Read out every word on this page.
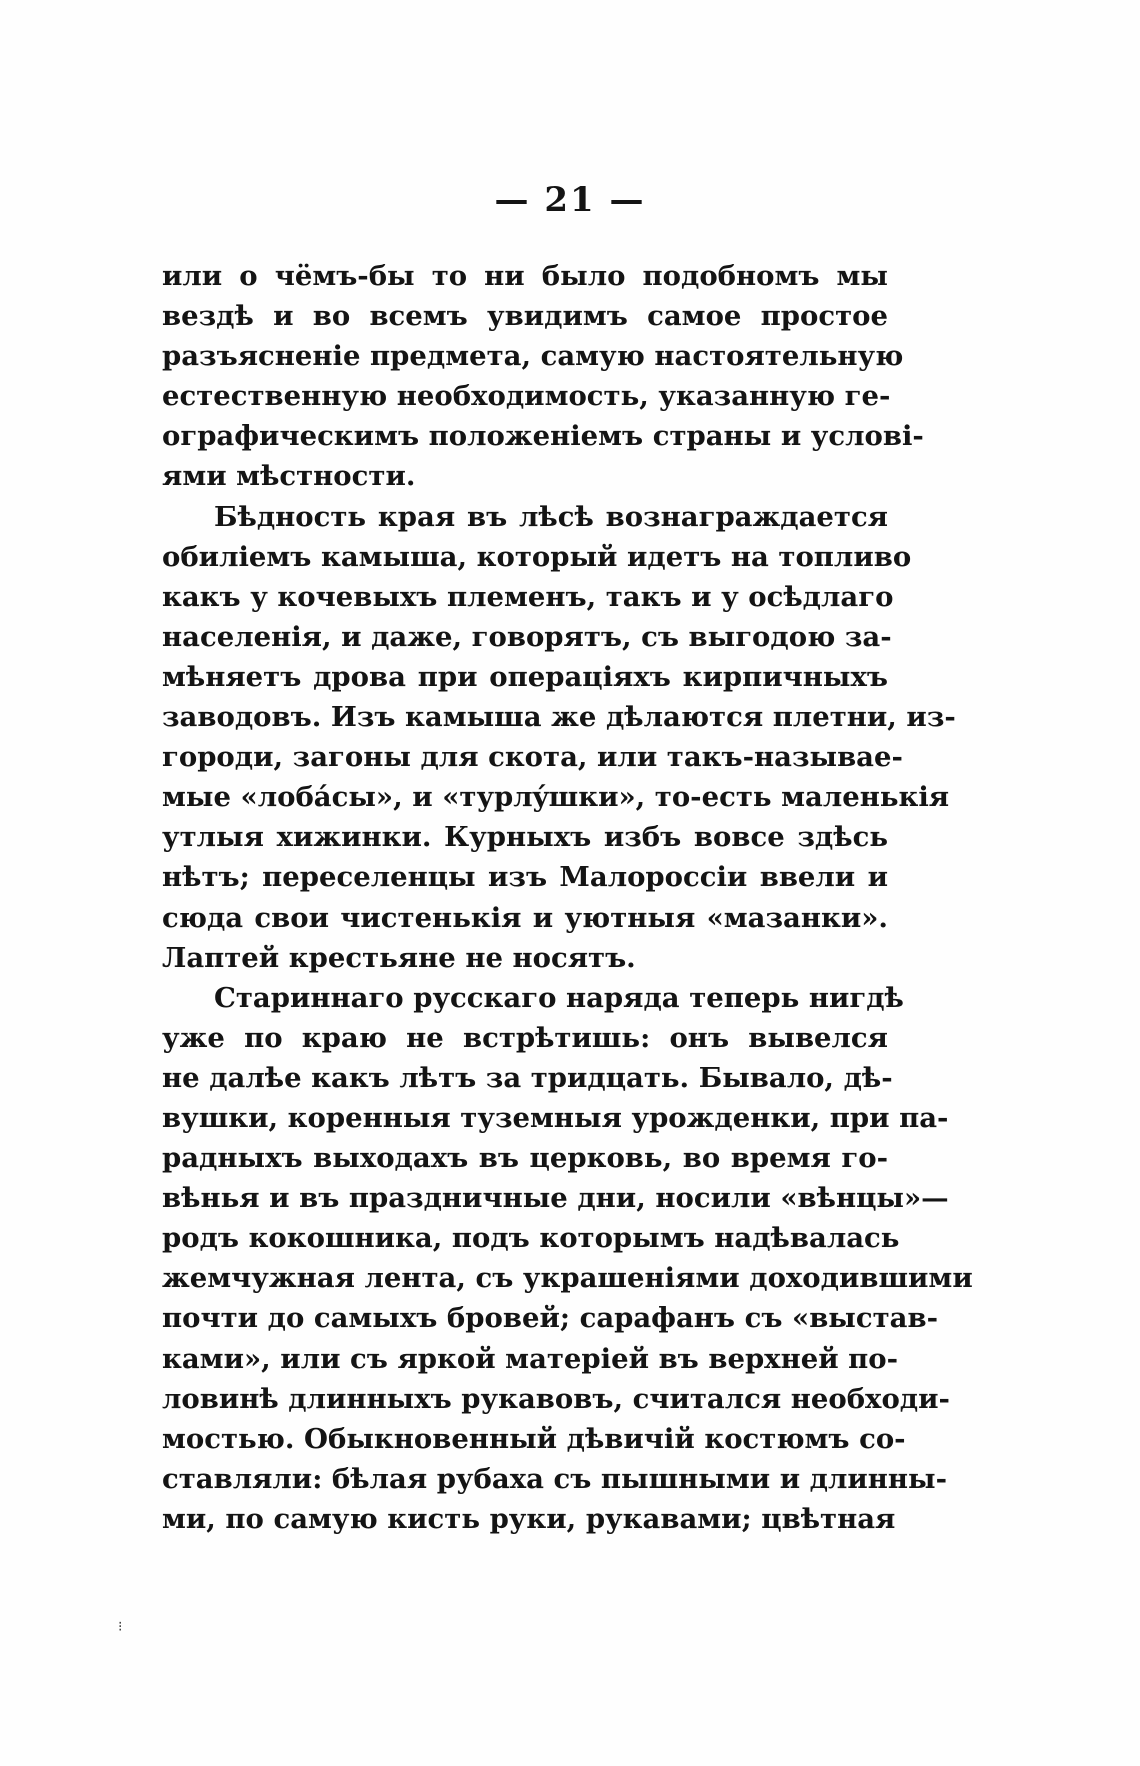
— 21 —
или о чёмъ-бы то ни было подобномъ мы
вездѣ и во всемъ увидимъ самое простое
разъясненіе предмета, самую настоятельную
естественную необходимость, указанную ге-
ографическимъ положеніемъ страны и услові-
ями мѣстности.
Бѣдность края въ лѣсѣ вознаграждается
обиліемъ камыша, который идетъ на топливо
какъ у кочевыхъ племенъ, такъ и у осѣдлаго
населенія, и даже, говорятъ, съ выгодою за-
мѣняетъ дрова при операціяхъ кирпичныхъ
заводовъ. Изъ камыша же дѣлаются плетни, из-
городи, загоны для скота, или такъ-называе-
мые «лобáсы», и «турлýшки», то-есть маленькія
утлыя хижинки. Курныхъ избъ вовсе здѣсь
нѣтъ; переселенцы изъ Малороссіи ввели и
сюда свои чистенькія и уютныя «мазанки».
Лаптей крестьяне не носятъ.
Стариннаго русскаго наряда теперь нигдѣ
уже по краю не встрѣтишь: онъ вывелся
не далѣе какъ лѣтъ за тридцать. Бывало, дѣ-
вушки, коренныя туземныя урожденки, при па-
радныхъ выходахъ въ церковь, во время го-
вѣнья и въ праздничные дни, носили «вѣнцы»—
родъ кокошника, подъ которымъ надѣвалась
жемчужная лента, съ украшеніями доходившими
почти до самыхъ бровей; сарафанъ съ «выстав-
ками», или съ яркой матеріей въ верхней по-
ловинѣ длинныхъ рукавовъ, считался необходи-
мостью. Обыкновенный дѣвичій костюмъ со-
ставляли: бѣлая рубаха съ пышными и длинны-
ми, по самую кисть руки, рукавами; цвѣтная
⁝
